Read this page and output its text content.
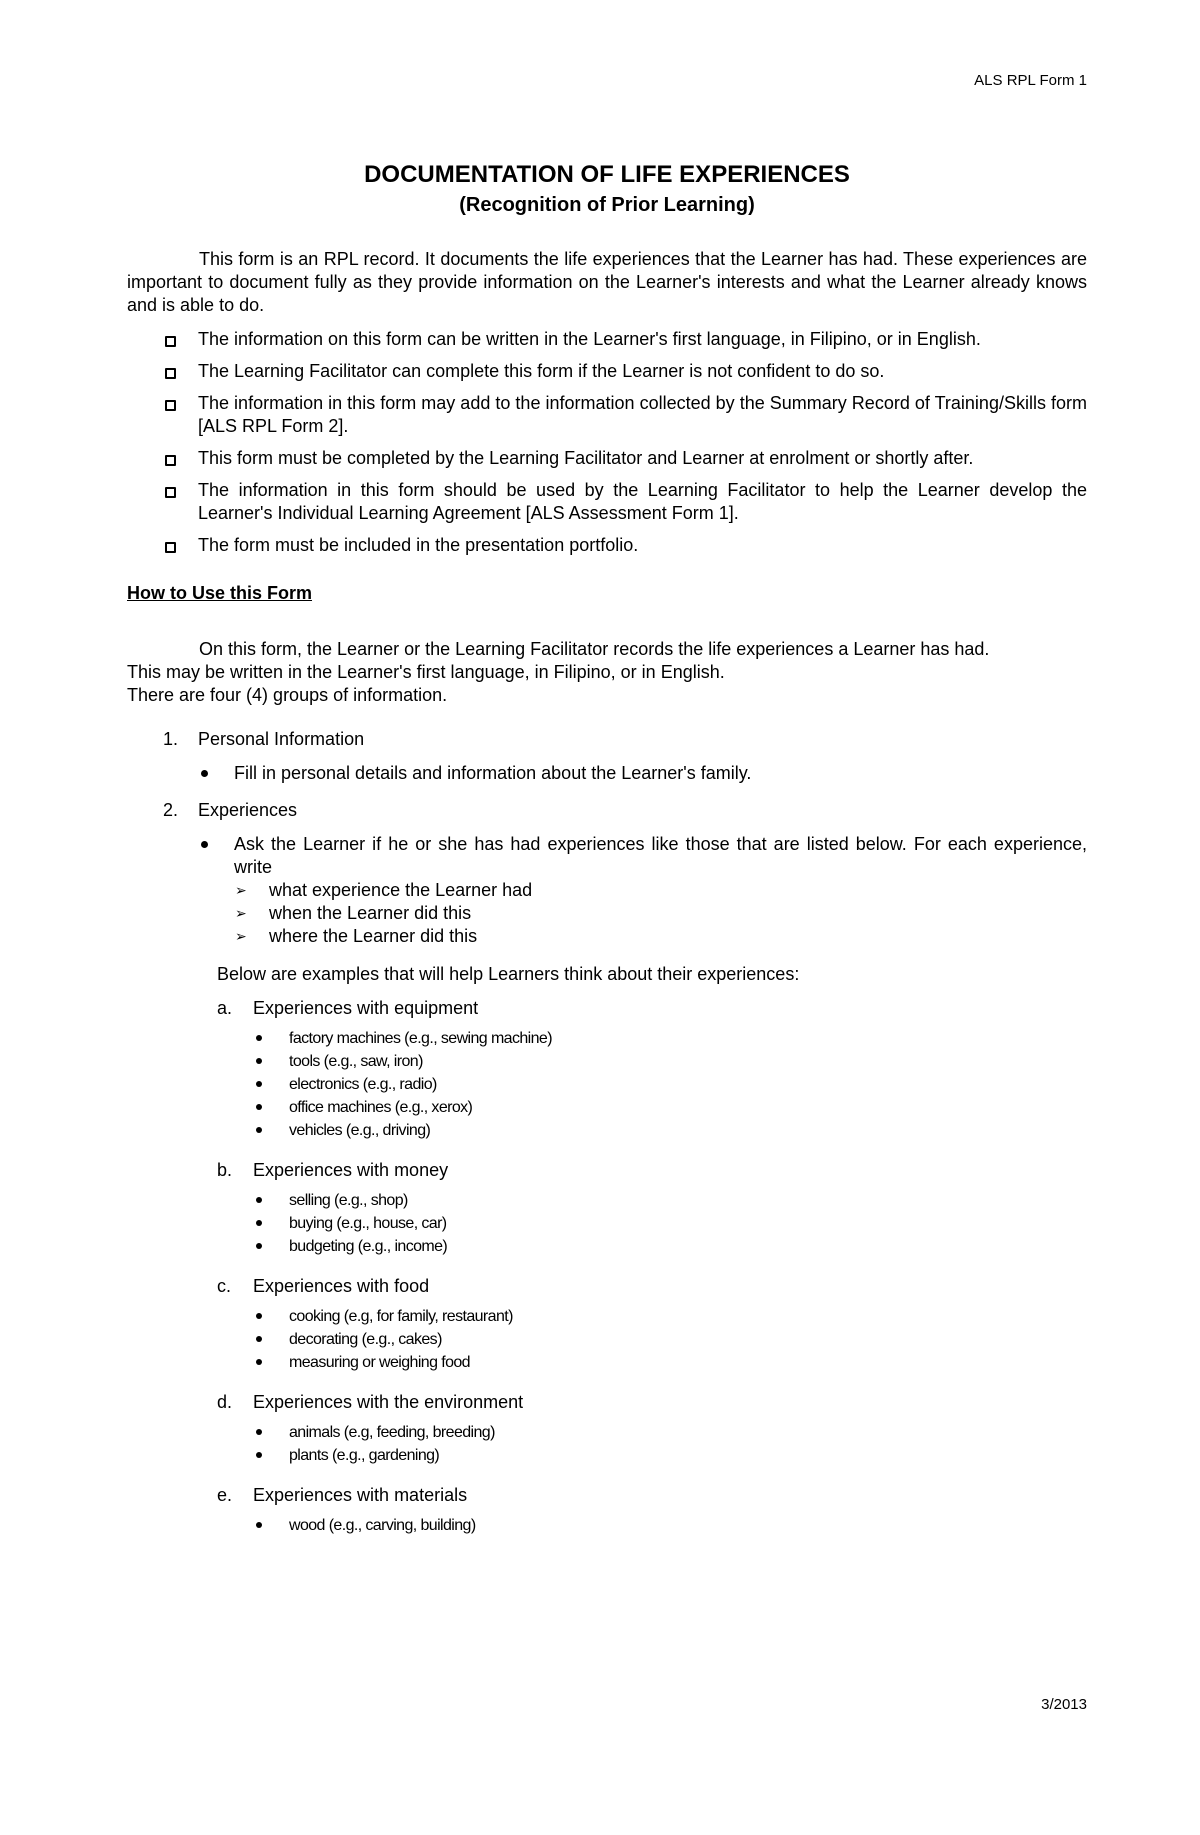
ALS RPL Form 1
DOCUMENTATION OF LIFE EXPERIENCES

(Recognition of Prior Learning)

This form is an RPL record. It documents the life experiences that the Learner has had. These experiences are important to document fully as they provide information on the Learner's interests and what the Learner already knows and is able to do.

The information on this form can be written in the Learner's first language, in Filipino, or in English.
The Learning Facilitator can complete this form if the Learner is not confident to do so.
The information in this form may add to the information collected by the Summary Record of Training/Skills form [ALS RPL Form 2].
This form must be completed by the Learning Facilitator and Learner at enrolment or shortly after.
The information in this form should be used by the Learning Facilitator to help the Learner develop the Learner's Individual Learning Agreement [ALS Assessment Form 1].
The form must be included in the presentation portfolio.

How to Use this Form

On this form, the Learner or the Learning Facilitator records the life experiences a Learner has had.

This may be written in the Learner's first language, in Filipino, or in English.

There are four (4) groups of information.

1. Personal Information
Fill in personal details and information about the Learner's family.
2. Experiences
Ask the Learner if he or she has had experiences like those that are listed below. For each experience, write
➢ what experience the Learner had
➢ when the Learner did this
➢ where the Learner did this

Below are examples that will help Learners think about their experiences:

a. Experiences with equipment
factory machines (e.g., sewing machine)
tools (e.g., saw, iron)
electronics (e.g., radio)
office machines (e.g., xerox)
vehicles (e.g., driving)
b. Experiences with money
selling (e.g., shop)
buying (e.g., house, car)
budgeting (e.g., income)
c. Experiences with food
cooking (e.g, for family, restaurant)
decorating (e.g., cakes)
measuring or weighing food
d. Experiences with the environment
animals (e.g, feeding, breeding)
plants (e.g., gardening)
e. Experiences with materials
wood (e.g., carving, building)
3/2013
